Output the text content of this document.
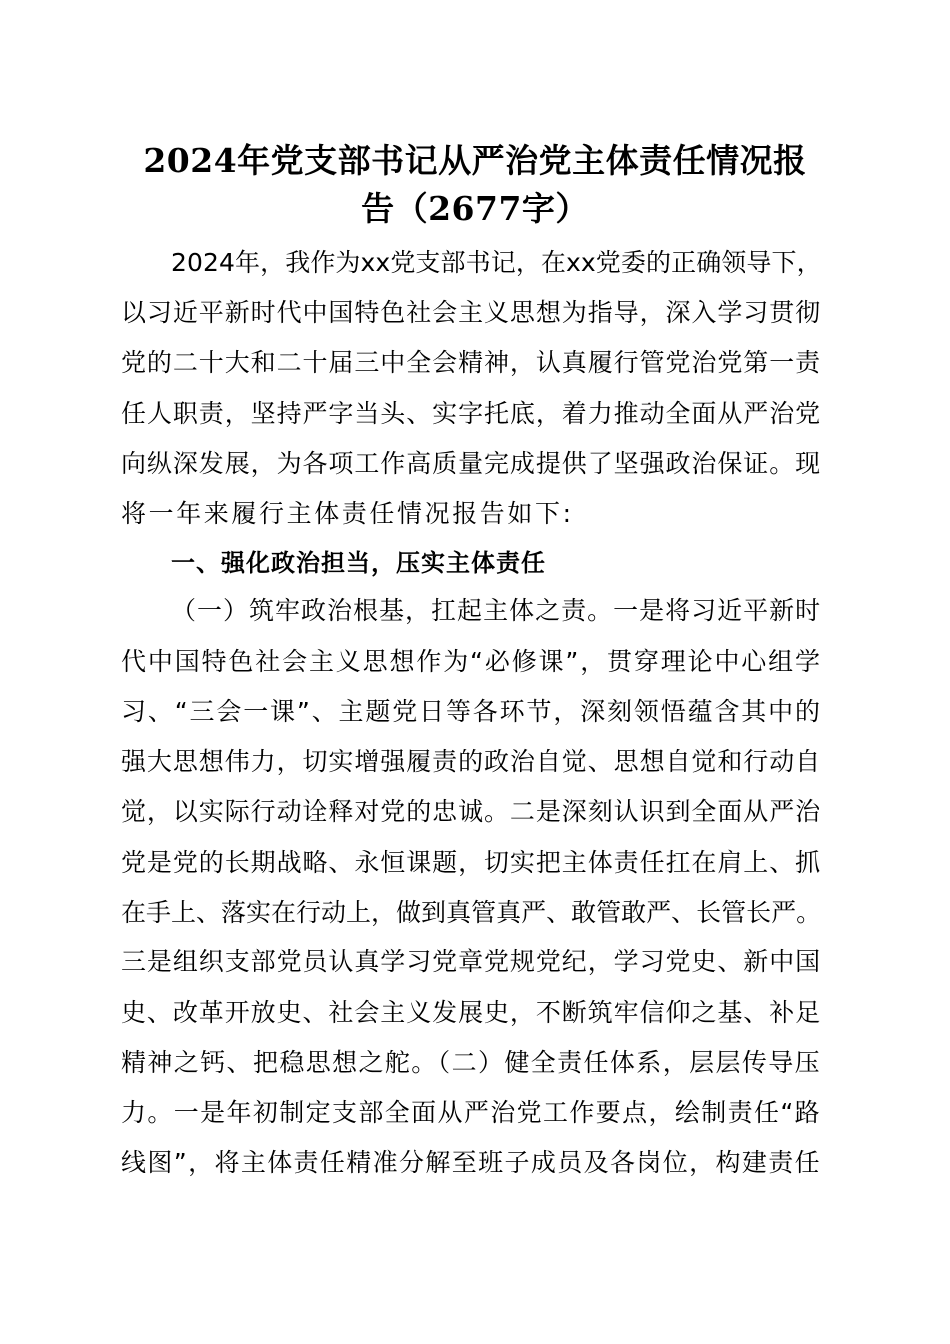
2024年党支部书记从严治党主体责任情况报
告（2677字）
2024年，我作为xx党支部书记，在xx党委的正确领导下，
以习近平新时代中国特色社会主义思想为指导，深入学习贯彻
党的二十大和二十届三中全会精神，认真履行管党治党第一责
任人职责，坚持严字当头、实字托底，着力推动全面从严治党
向纵深发展，为各项工作高质量完成提供了坚强政治保证。现
将一年来履行主体责任情况报告如下:
一、强化政治担当，压实主体责任
（一）筑牢政治根基，扛起主体之责。一是将习近平新时
代中国特色社会主义思想作为“必修课”，贯穿理论中心组学
习、“三会一课”、主题党日等各环节，深刻领悟蕴含其中的
强大思想伟力，切实增强履责的政治自觉、思想自觉和行动自
觉，以实际行动诠释对党的忠诚。二是深刻认识到全面从严治
党是党的长期战略、永恒课题，切实把主体责任扛在肩上、抓
在手上、落实在行动上，做到真管真严、敢管敢严、长管长严。
三是组织支部党员认真学习党章党规党纪，学习党史、新中国
史、改革开放史、社会主义发展史，不断筑牢信仰之基、补足
精神之钙、把稳思想之舵。（二）健全责任体系，层层传导压
力。一是年初制定支部全面从严治党工作要点，绘制责任“路
线图”，将主体责任精准分解至班子成员及各岗位，构建责任
